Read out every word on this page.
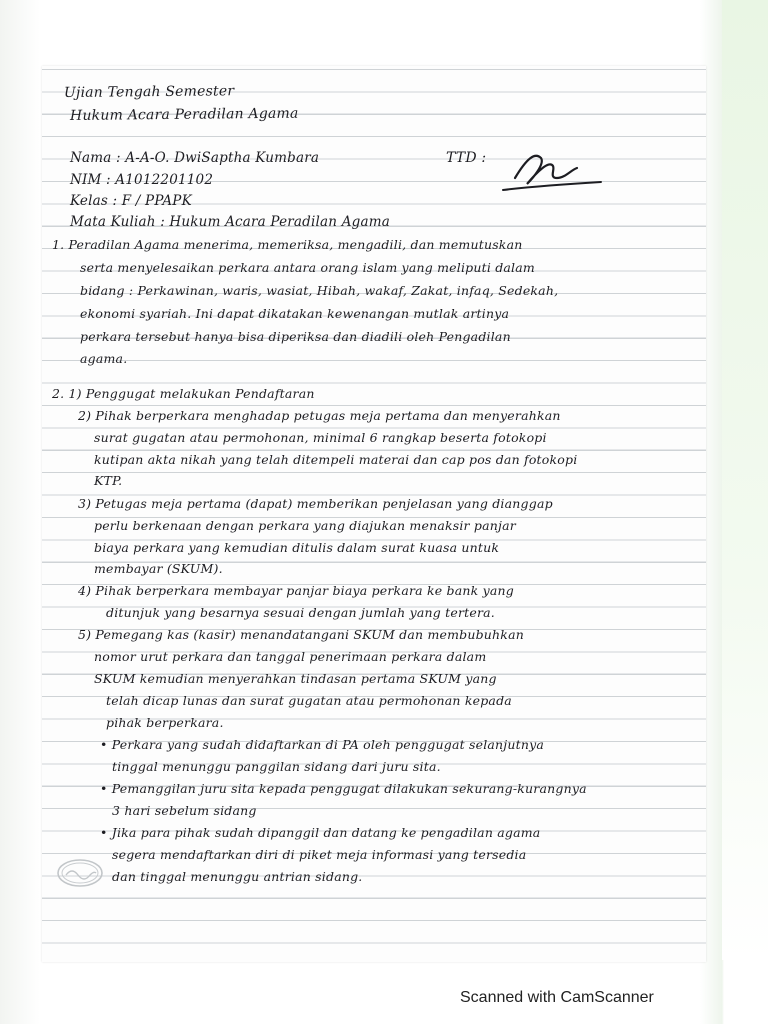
Ujian Tengah Semester
Hukum Acara Peradilan Agama
Nama : A-A-O. DwiSaptha Kumbara	TTD :
NIM : A1012201102
Kelas : F / PPAPK
Mata Kuliah : Hukum Acara Peradilan Agama
1. Peradilan Agama menerima, memeriksa, mengadili, dan memutuskan
serta menyelesaikan perkara antara orang islam yang meliputi dalam
bidang : Perkawinan, waris, wasiat, Hibah, wakaf, Zakat, infaq, Sedekah,
ekonomi syariah. Ini dapat dikatakan kewenangan mutlak artinya
perkara tersebut hanya bisa diperiksa dan diadili oleh Pengadilan
agama.
2. 1) Penggugat melakukan Pendaftaran
2) Pihak berperkara menghadap petugas meja pertama dan menyerahkan
surat gugatan atau permohonan, minimal 6 rangkap beserta fotokopi
kutipan akta nikah yang telah ditempeli materai dan cap pos dan fotokopi
KTP.
3) Petugas meja pertama (dapat) memberikan penjelasan yang dianggap
perlu berkenaan dengan perkara yang diajukan menaksir panjar
biaya perkara yang kemudian ditulis dalam surat kuasa untuk
membayar (SKUM).
4) Pihak berperkara membayar panjar biaya perkara ke bank yang
ditunjuk yang besarnya sesuai dengan jumlah yang tertera.
5) Pemegang kas (kasir) menandatangani SKUM dan membubuhkan
nomor urut perkara dan tanggal penerimaan perkara dalam
SKUM kemudian menyerahkan tindasan pertama SKUM yang
telah dicap lunas dan surat gugatan atau permohonan kepada
pihak berperkara.
• Perkara yang sudah didaftarkan di PA oleh penggugat selanjutnya
tinggal menunggu panggilan sidang dari juru sita.
• Pemanggilan juru sita kepada penggugat dilakukan sekurang-kurangnya
3 hari sebelum sidang
• Jika para pihak sudah dipanggil dan datang ke pengadilan agama
segera mendaftarkan diri di piket meja informasi yang tersedia
dan tinggal menunggu antrian sidang.
Scanned with CamScanner
